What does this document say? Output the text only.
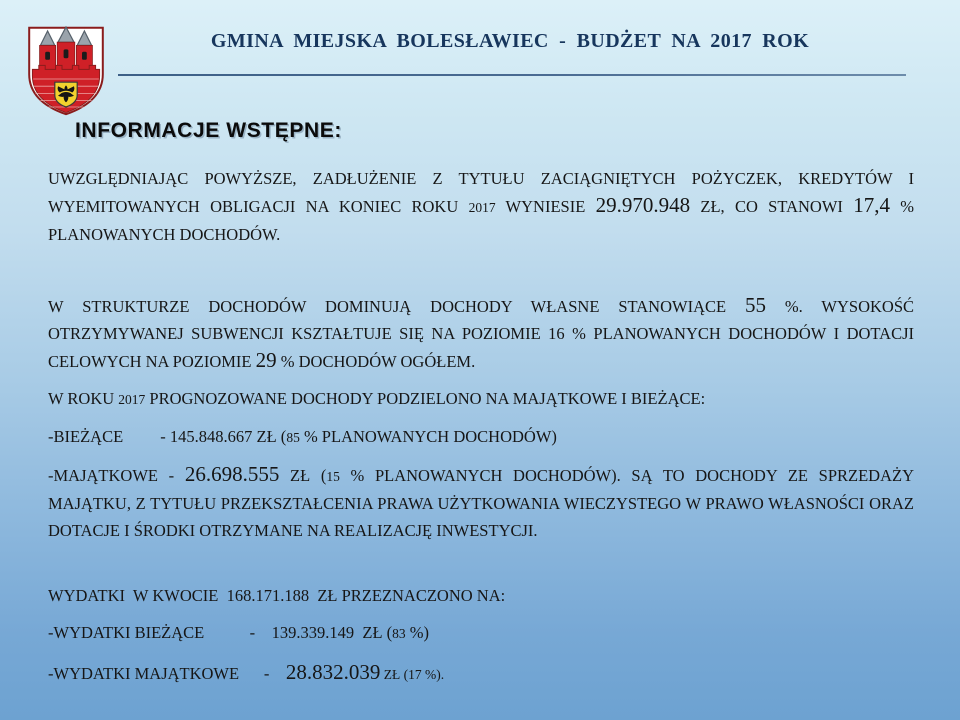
GMINA MIEJSKA BOLESŁAWIEC - BUDŻET NA 2017 ROK
INFORMACJE WSTĘPNE:

UWZGLĘDNIAJĄC POWYŻSZE, ZADŁUŻENIE Z TYTUŁU ZACIĄGNIĘTYCH POŻYCZEK, KREDYTÓW I WYEMITOWANYCH OBLIGACJI NA KONIEC ROKU 2017 WYNIESIE 29.970.948 ZŁ, CO STANOWI 17,4 % PLANOWANYCH DOCHODÓW.

W STRUKTURZE DOCHODÓW DOMINUJĄ DOCHODY WŁASNE STANOWIĄCE 55 %. WYSOKOŚĆ OTRZYMYWANEJ SUBWENCJI KSZTAŁTUJE SIĘ NA POZIOMIE 16 % PLANOWANYCH DOCHODÓW I DOTACJI CELOWYCH NA POZIOMIE 29 % DOCHODÓW OGÓŁEM.

W ROKU 2017 PROGNOZOWANE DOCHODY PODZIELONO NA MAJĄTKOWE I BIEŻĄCE:

-BIEŻĄCE         - 145.848.667 ZŁ (85 % PLANOWANYCH DOCHODÓW)

-MAJĄTKOWE - 26.698.555 ZŁ (15 % PLANOWANYCH DOCHODÓW). SĄ TO DOCHODY ZE SPRZEDAŻY MAJĄTKU, Z TYTUŁU PRZEKSZTAŁCENIA PRAWA UŻYTKOWANIA WIECZYSTEGO W PRAWO WŁASNOŚCI ORAZ DOTACJE I ŚRODKI OTRZYMANE NA REALIZACJĘ INWESTYCJI.

WYDATKI  W KWOCIE  168.171.188  ZŁ PRZEZNACZONO NA:

-WYDATKI BIEŻĄCE           -    139.339.149  ZŁ (83 %)

-WYDATKI MAJĄTKOWE      -    28.832.039 ZŁ (17 %).
